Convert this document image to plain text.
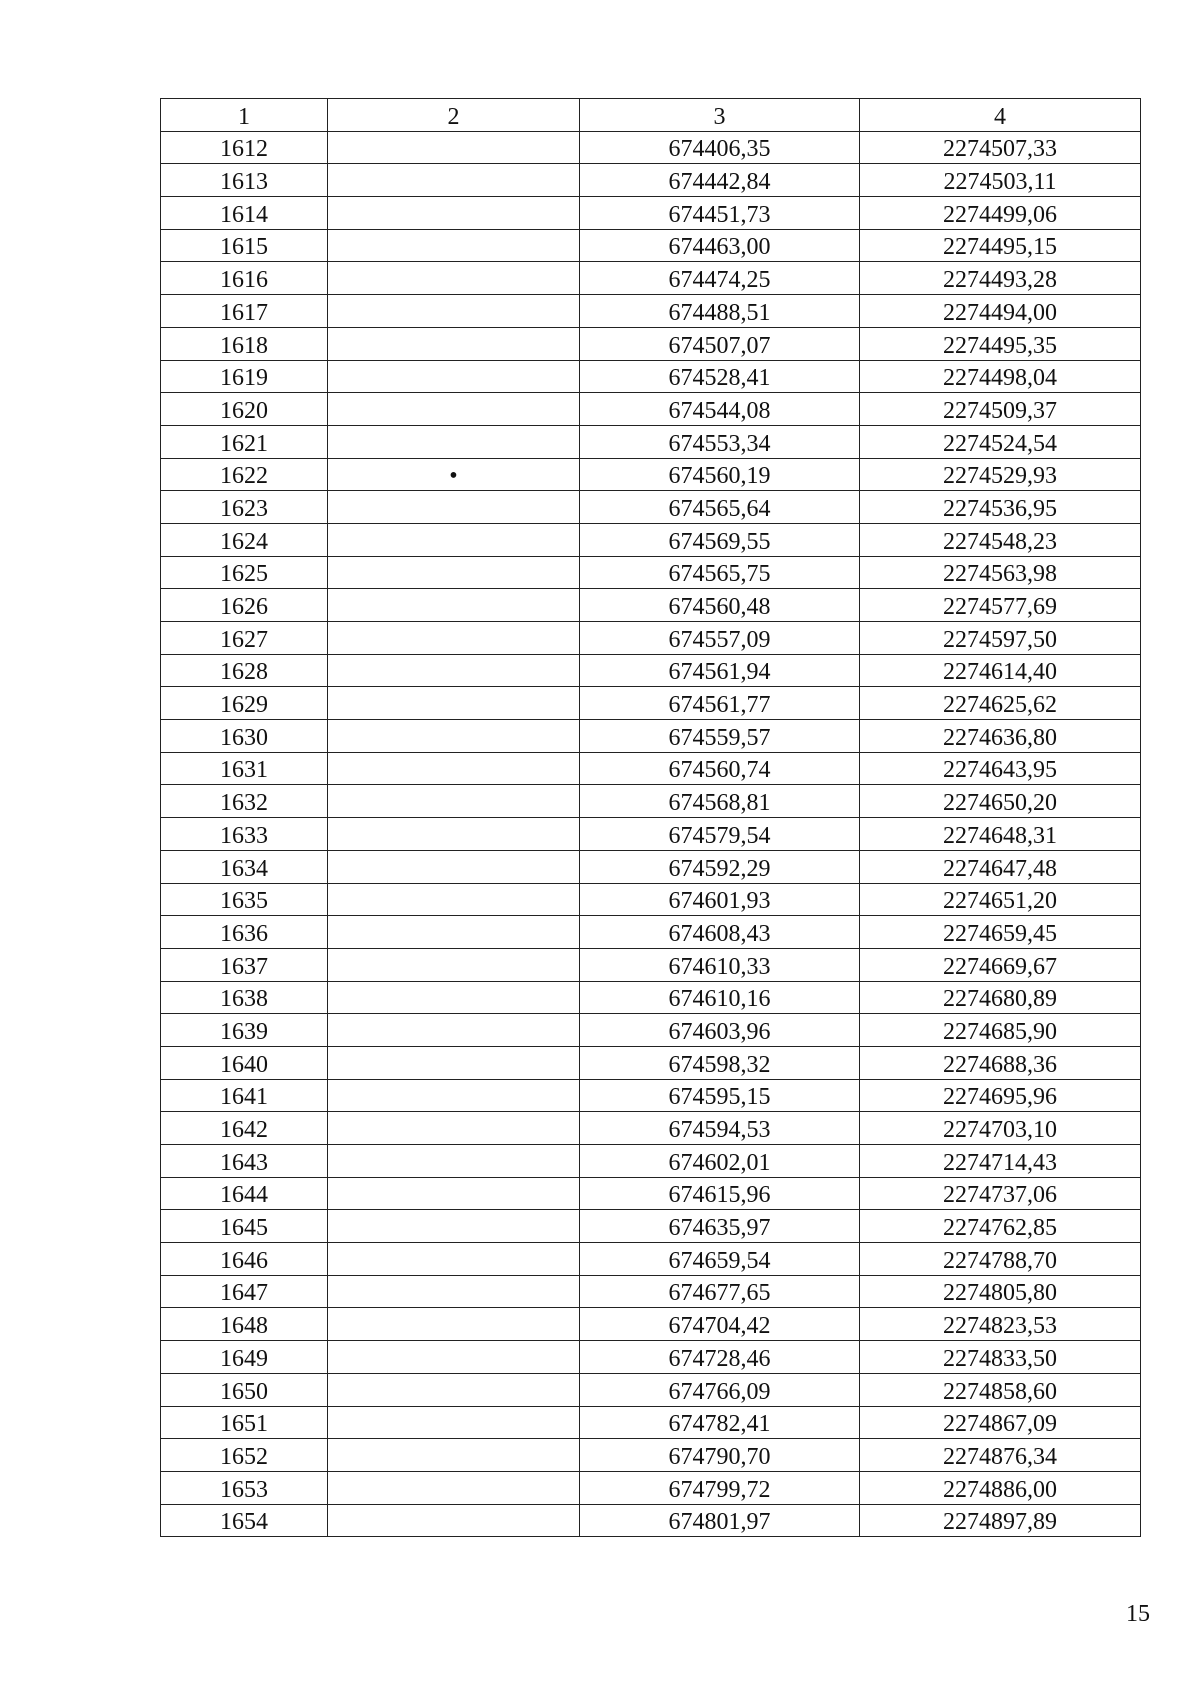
1	2	3	4
1612		674406,35	2274507,33
1613		674442,84	2274503,11
1614		674451,73	2274499,06
1615		674463,00	2274495,15
1616		674474,25	2274493,28
1617		674488,51	2274494,00
1618		674507,07	2274495,35
1619		674528,41	2274498,04
1620		674544,08	2274509,37
1621		674553,34	2274524,54
1622	•	674560,19	2274529,93
1623		674565,64	2274536,95
1624		674569,55	2274548,23
1625		674565,75	2274563,98
1626		674560,48	2274577,69
1627		674557,09	2274597,50
1628		674561,94	2274614,40
1629		674561,77	2274625,62
1630		674559,57	2274636,80
1631		674560,74	2274643,95
1632		674568,81	2274650,20
1633		674579,54	2274648,31
1634		674592,29	2274647,48
1635		674601,93	2274651,20
1636		674608,43	2274659,45
1637		674610,33	2274669,67
1638		674610,16	2274680,89
1639		674603,96	2274685,90
1640		674598,32	2274688,36
1641		674595,15	2274695,96
1642		674594,53	2274703,10
1643		674602,01	2274714,43
1644		674615,96	2274737,06
1645		674635,97	2274762,85
1646		674659,54	2274788,70
1647		674677,65	2274805,80
1648		674704,42	2274823,53
1649		674728,46	2274833,50
1650		674766,09	2274858,60
1651		674782,41	2274867,09
1652		674790,70	2274876,34
1653		674799,72	2274886,00
1654		674801,97	2274897,89
15
